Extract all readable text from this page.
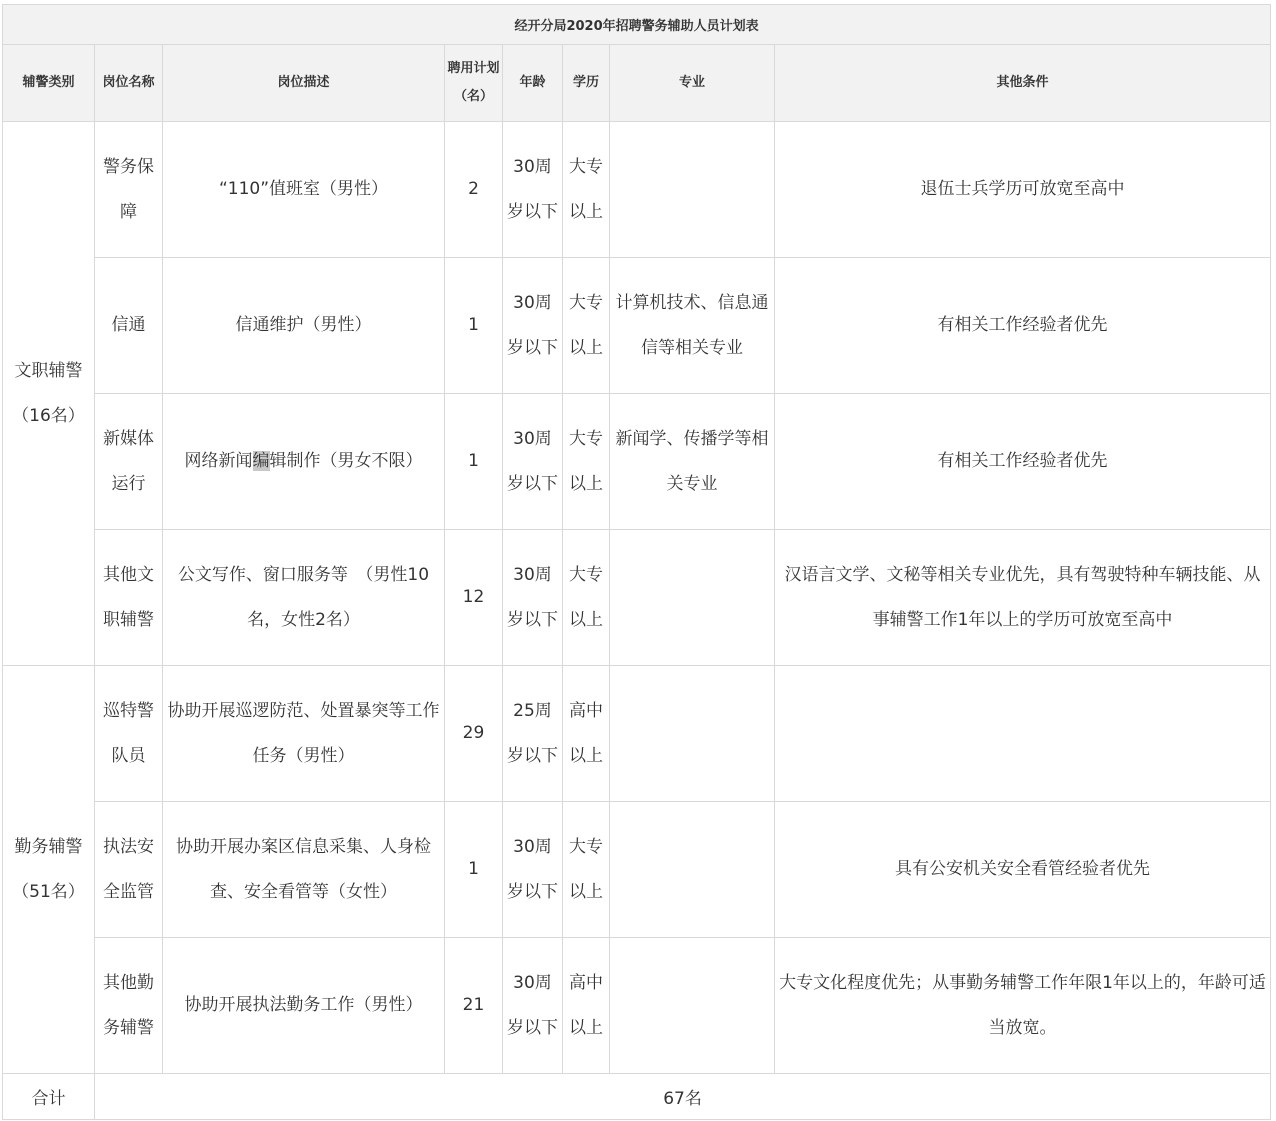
经开分局2020年招聘警务辅助人员计划表							
辅警类别	岗位名称	岗位描述	聘用计划（名）	年龄	学历	专业	其他条件
文职辅警（16名）	警务保障	“110”值班室（男性）	2	30周岁以下	大专以上		退伍士兵学历可放宽至高中
	信通	信通维护（男性）	1	30周岁以下	大专以上	计算机技术、信息通信等相关专业	有相关工作经验者优先
	新媒体运行	网络新闻编辑制作（男女不限）	1	30周岁以下	大专以上	新闻学、传播学等相关专业	有相关工作经验者优先
	其他文职辅警	公文写作、窗口服务等　（男性10名，女性2名）	12	30周岁以下	大专以上		汉语言文学、文秘等相关专业优先，具有驾驶特种车辆技能、从事辅警工作1年以上的学历可放宽至高中
勤务辅警（51名）	巡特警队员	协助开展巡逻防范、处置暴突等工作任务（男性）	29	25周岁以下	高中以上		
	执法安全监管	协助开展办案区信息采集、人身检查、安全看管等（女性）	1	30周岁以下	大专以上		具有公安机关安全看管经验者优先
	其他勤务辅警	协助开展执法勤务工作（男性）	21	30周岁以下	高中以上		大专文化程度优先；从事勤务辅警工作年限1年以上的，年龄可适当放宽。
合计	67名						
